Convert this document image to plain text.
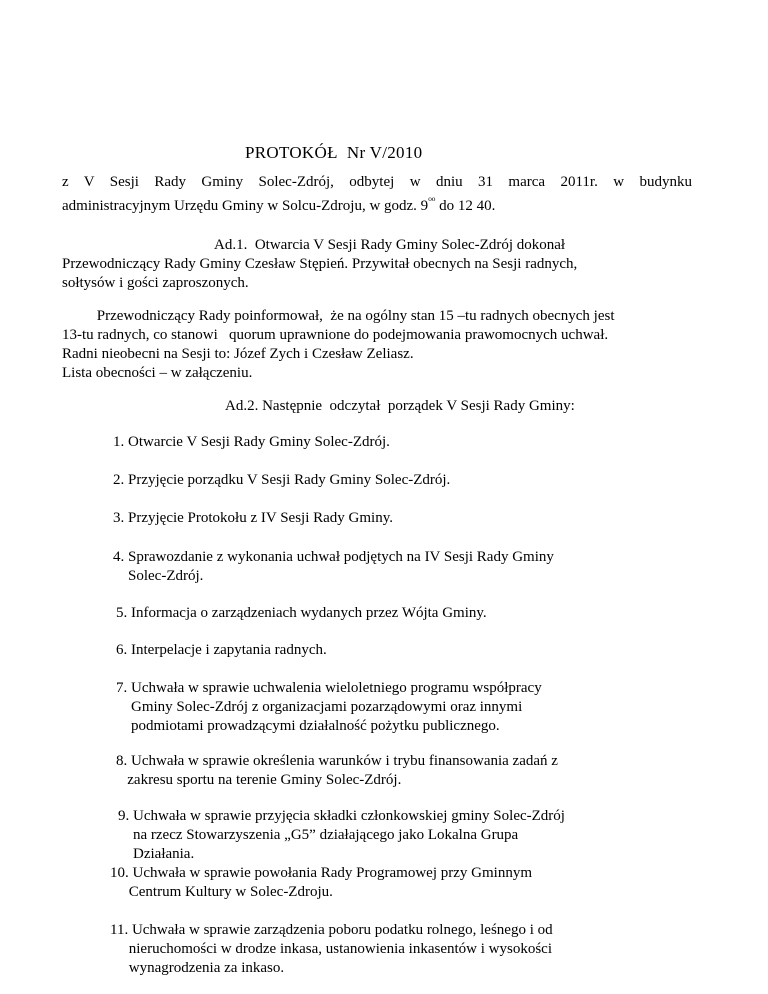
PROTOKÓŁ  Nr V/2010
z V Sesji Rady Gminy Solec-Zdrój, odbytej w dniu 31 marca 2011r. w budynku
administracyjnym Urzędu Gminy w Solcu-Zdroju, w godz. $9^{^{00}}$ do 12 40.
Ad.1.  Otwarcia V Sesji Rady Gminy Solec-Zdrój dokonał
Przewodniczący Rady Gminy Czesław Stępień. Przywitał obecnych na Sesji radnych,
sołtysów i gości zaproszonych.
Przewodniczący Rady poinformował,  że na ogólny stan 15 –tu radnych obecnych jest
13-tu radnych, co stanowi   quorum uprawnione do podejmowania prawomocnych uchwał.
Radni nieobecni na Sesji to: Józef Zych i Czesław Zeliasz.
Lista obecności – w załączeniu.
Ad.2. Następnie  odczytał  porządek V Sesji Rady Gminy:
1. Otwarcie V Sesji Rady Gminy Solec-Zdrój.
2. Przyjęcie porządku V Sesji Rady Gminy Solec-Zdrój.
3. Przyjęcie Protokołu z IV Sesji Rady Gminy.
4. Sprawozdanie z wykonania uchwał podjętych na IV Sesji Rady Gminy
Solec-Zdrój.
5. Informacja o zarządzeniach wydanych przez Wójta Gminy.
6. Interpelacje i zapytania radnych.
7. Uchwała w sprawie uchwalenia wieloletniego programu współpracy
Gminy Solec-Zdrój z organizacjami pozarządowymi oraz innymi
podmiotami prowadzącymi działalność pożytku publicznego.
8. Uchwała w sprawie określenia warunków i trybu finansowania zadań z
zakresu sportu na terenie Gminy Solec-Zdrój.
9. Uchwała w sprawie przyjęcia składki członkowskiej gminy Solec-Zdrój
na rzecz Stowarzyszenia „G5” działającego jako Lokalna Grupa
Działania.
10. Uchwała w sprawie powołania Rady Programowej przy Gminnym
Centrum Kultury w Solec-Zdroju.
11. Uchwała w sprawie zarządzenia poboru podatku rolnego, leśnego i od
nieruchomości w drodze inkasa, ustanowienia inkasentów i wysokości
wynagrodzenia za inkaso.
